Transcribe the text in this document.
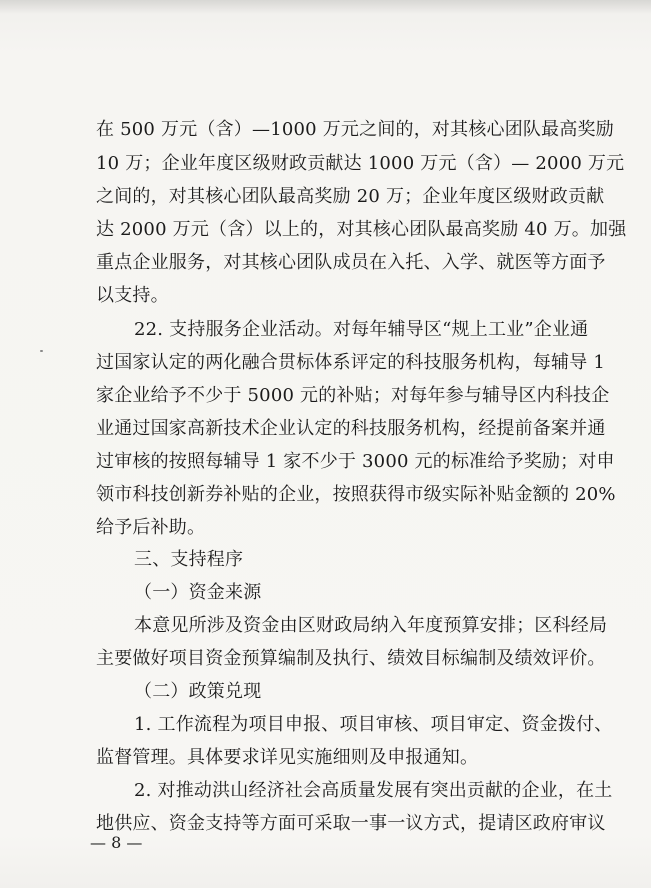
在 500 万元（含）—1000 万元之间的，对其核心团队最高奖励
10 万；企业年度区级财政贡献达 1000 万元（含）— 2000 万元
之间的，对其核心团队最高奖励 20 万；企业年度区级财政贡献
达 2000 万元（含）以上的，对其核心团队最高奖励 40 万。加强
重点企业服务，对其核心团队成员在入托、入学、就医等方面予
以支持。
22. 支持服务企业活动。对每年辅导区“规上工业”企业通
过国家认定的两化融合贯标体系评定的科技服务机构，每辅导 1
家企业给予不少于 5000 元的补贴；对每年参与辅导区内科技企
业通过国家高新技术企业认定的科技服务机构，经提前备案并通
过审核的按照每辅导 1 家不少于 3000 元的标准给予奖励；对申
领市科技创新券补贴的企业，按照获得市级实际补贴金额的 20%
给予后补助。
三、支持程序
（一）资金来源
本意见所涉及资金由区财政局纳入年度预算安排；区科经局
主要做好项目资金预算编制及执行、绩效目标编制及绩效评价。
（二）政策兑现
1. 工作流程为项目申报、项目审核、项目审定、资金拨付、
监督管理。具体要求详见实施细则及申报通知。
2. 对推动洪山经济社会高质量发展有突出贡献的企业，在土
地供应、资金支持等方面可采取一事一议方式，提请区政府审议
— 8 —
